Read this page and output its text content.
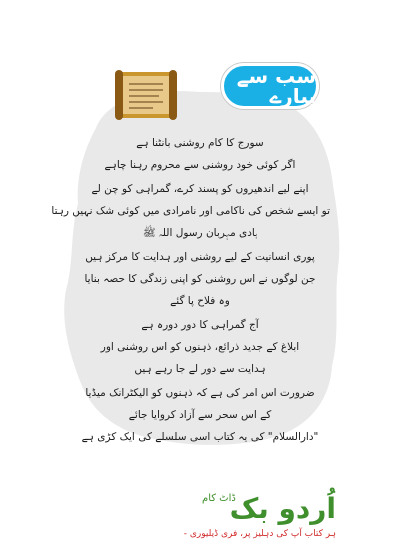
سب سے پیارے
سورج کا کام روشنی بانٹنا ہے
اگر کوئی خود روشنی سے محروم رہنا چاہے
اپنے لیے اندھیروں کو پسند کرے، گمراہی کو چن لے
تو ایسے شخص کی ناکامی اور نامرادی میں کوئی شک نہیں رہتا
ہادی مہربان رسول اللہ ﷺ
پوری انسانیت کے لیے روشنی اور ہدایت کا مرکز ہیں
جن لوگوں نے اس روشنی کو اپنی زندگی کا حصہ بنایا
وہ فلاح پا گئے
آج گمراہی کا دور دورہ ہے
ابلاغ کے جدید ذرائع، ذہنوں کو اس روشنی اور
ہدایت سے دور لے جا رہے ہیں
ضرورت اس امر کی ہے کہ ذہنوں کو الیکٹرانک میڈیا
کے اس سحر سے آزاد کروایا جائے
"دارالسلام" کی یہ کتاب اسی سلسلے کی ایک کڑی ہے
ڈاٹ کام
اُردو بک
ہر کتاب آپ کی دہلیز پر، فری ڈیلیوری -
